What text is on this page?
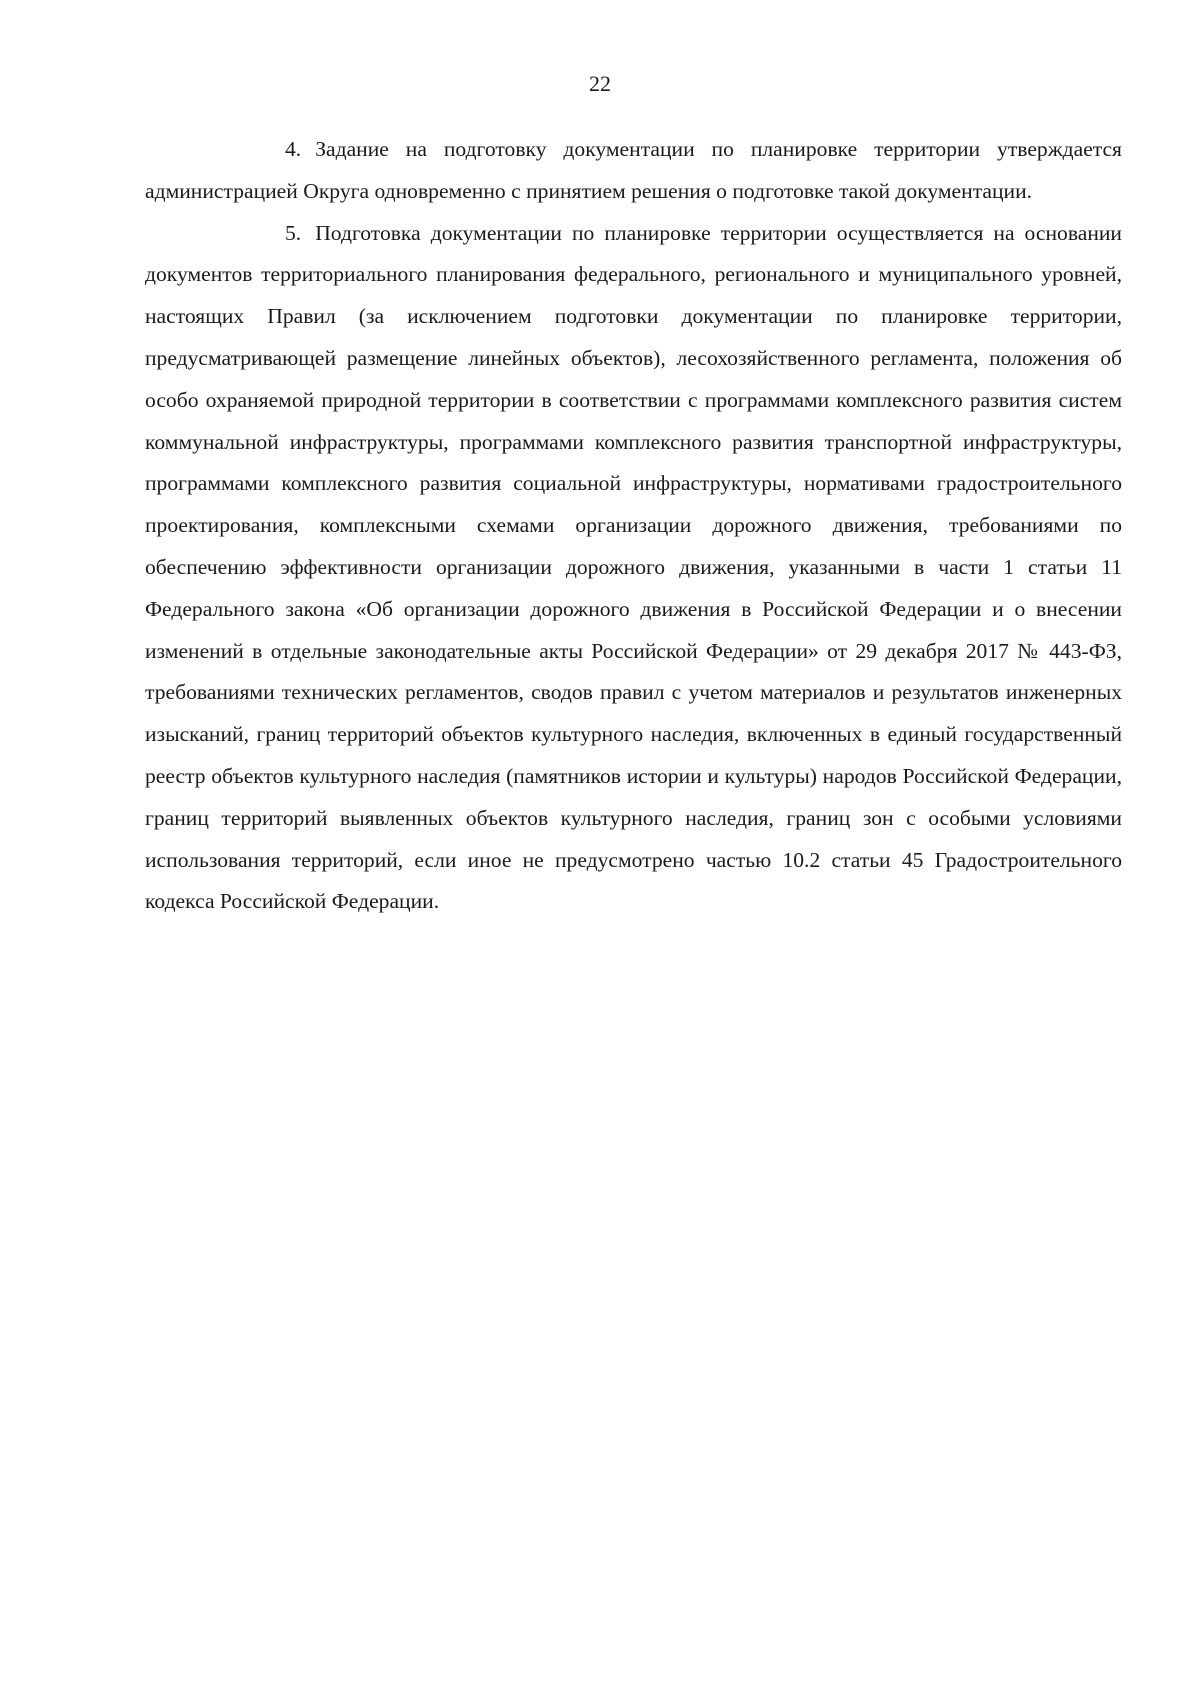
22

4. Задание на подготовку документации по планировке территории утверждается администрацией Округа одновременно с принятием решения о подготовке такой документации.

5. Подготовка документации по планировке территории осуществляется на основании документов территориального планирования федерального, регионального и муниципального уровней, настоящих Правил (за исключением подготовки документации по планировке территории, предусматривающей размещение линейных объектов), лесохозяйственного регламента, положения об особо охраняемой природной территории в соответствии с программами комплексного развития систем коммунальной инфраструктуры, программами комплексного развития транспортной инфраструктуры, программами комплексного развития социальной инфраструктуры, нормативами градостроительного проектирования, комплексными схемами организации дорожного движения, требованиями по обеспечению эффективности организации дорожного движения, указанными в части 1 статьи 11 Федерального закона «Об организации дорожного движения в Российской Федерации и о внесении изменений в отдельные законодательные акты Российской Федерации» от 29 декабря 2017 № 443-ФЗ, требованиями технических регламентов, сводов правил с учетом материалов и результатов инженерных изысканий, границ территорий объектов культурного наследия, включенных в единый государственный реестр объектов культурного наследия (памятников истории и культуры) народов Российской Федерации, границ территорий выявленных объектов культурного наследия, границ зон с особыми условиями использования территорий, если иное не предусмотрено частью 10.2 статьи 45 Градостроительного кодекса Российской Федерации.
